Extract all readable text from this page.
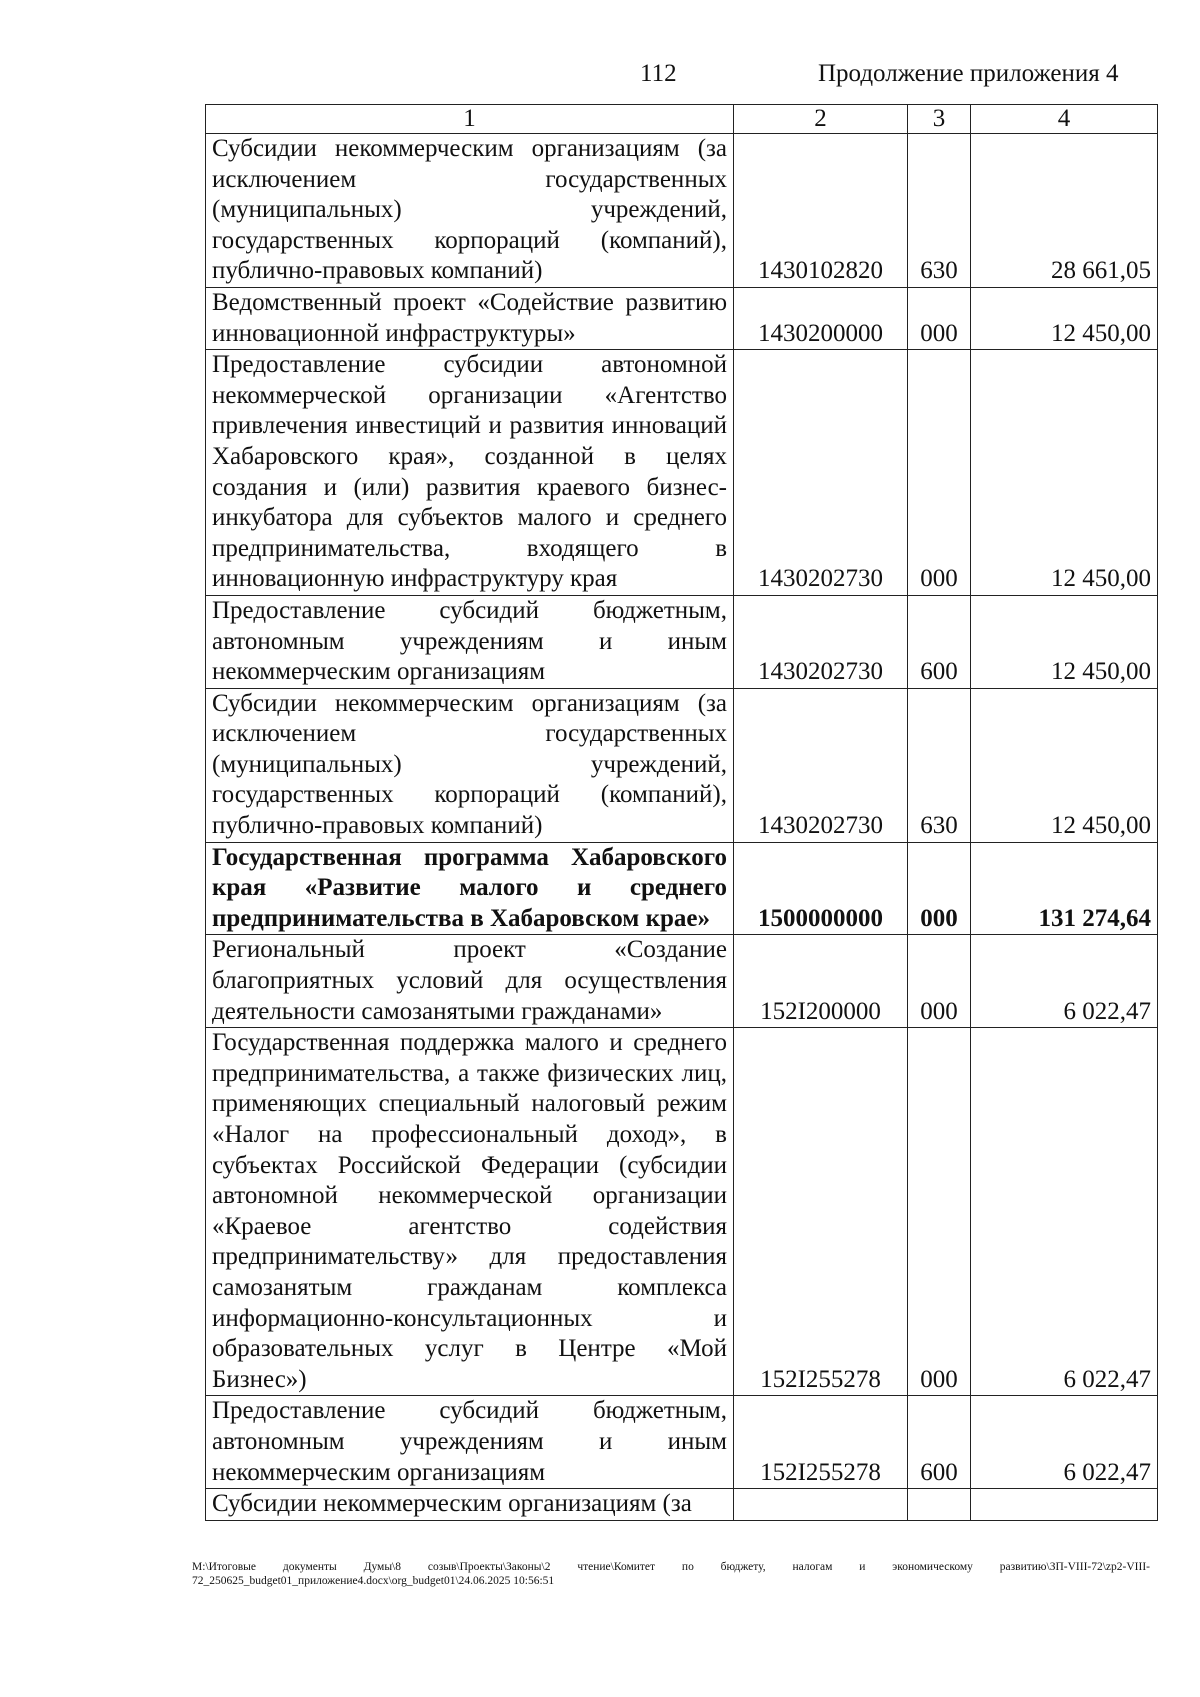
112	Продолжение приложения 4
1	2	3	4
Субсидии некоммерческим организациям (за исключением государственных (муниципальных) учреждений, государственных корпораций (компаний), публично-правовых компаний)	1430102820	630	28 661,05
Ведомственный проект «Содействие развитию инновационной инфраструктуры»	1430200000	000	12 450,00
Предоставление субсидии автономной некоммерческой организации «Агентство привлечения инвестиций и развития инноваций Хабаровского края», созданной в целях создания и (или) развития краевого бизнес-инкубатора для субъектов малого и среднего предпринимательства, входящего в инновационную инфраструктуру края	1430202730	000	12 450,00
Предоставление субсидий бюджетным, автономным учреждениям и иным некоммерческим организациям	1430202730	600	12 450,00
Субсидии некоммерческим организациям (за исключением государственных (муниципальных) учреждений, государственных корпораций (компаний), публично-правовых компаний)	1430202730	630	12 450,00
Государственная программа Хабаровского края «Развитие малого и среднего предпринимательства в Хабаровском крае»	1500000000	000	131 274,64
Региональный проект «Создание благоприятных условий для осуществления деятельности самозанятыми гражданами»	152I200000	000	6 022,47
Государственная поддержка малого и среднего предпринимательства, а также физических лиц, применяющих специальный налоговый режим «Налог на профессиональный доход», в субъектах Российской Федерации (субсидии автономной некоммерческой организации «Краевое агентство содействия предпринимательству» для предоставления самозанятым гражданам комплекса информационно-консультационных и образовательных услуг в Центре «Мой Бизнес»)	152I255278	000	6 022,47
Предоставление субсидий бюджетным, автономным учреждениям и иным некоммерческим организациям	152I255278	600	6 022,47
Субсидии некоммерческим организациям (за			
M:\Итоговые документы Думы\8 созыв\Проекты\Законы\2 чтение\Комитет по бюджету, налогам и экономическому развитию\ЗП-VIII-72\zp2-VIII-72_250625_budget01_приложение4.docx\org_budget01\24.06.2025 10:56:51
